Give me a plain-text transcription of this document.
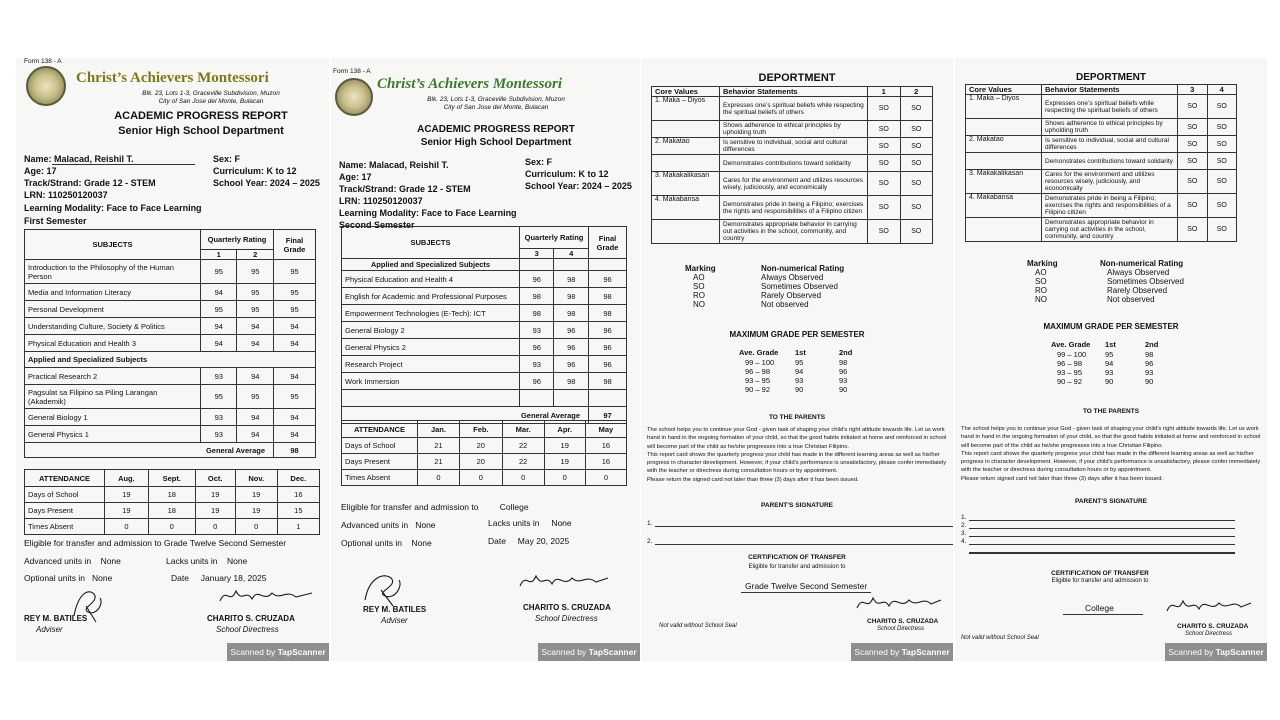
Form 138 - A
Christ’s Achievers Montessori
Blk. 23, Lots 1-3, Graceville Subdivision, Muzon
City of San Jose del Monte, Bulacan
ACADEMIC PROGRESS REPORT
Senior High School Department
Name: Malacad, Reishil T.
Age: 17
Track/Strand: Grade 12 - STEM
LRN: 110250120037
Learning Modality: Face to Face Learning
First Semester
Sex: F
Curriculum: K to 12
School Year: 2024 – 2025
SUBJECTS	Quarterly Rating		Final Grade
	1	2	
Introduction to the Philosophy of the Human Person	95	95	95
Media and Information Literacy	94	95	95
Personal Development	95	95	95
Understanding Culture, Society & Politics	94	94	94
Physical Education and Health 3	94	94	94
Applied and Specialized Subjects			
Practical Research 2	93	94	94
Pagsulat sa Filipino sa Piling Larangan (Akademik)	95	95	95
General Biology 1	93	94	94
General Physics 1	93	94	94
General Average			98
ATTENDANCE	Aug.	Sept.	Oct.	Nov.	Dec.
Days of School	19	18	19	19	16
Days Present	19	18	19	19	15
Times Absent	0	0	0	0	1
Eligible for transfer and admission to Grade Twelve Second Semester
Advanced units in None	Lacks units in None
Optional units in None	Date January 18, 2025
REY M. BATILES
Adviser
CHARITO S. CRUZADA
School Directress
Scanned by TapScanner
Form 138 - A
Christ’s Achievers Montessori
Blk. 23, Lots 1-3, Graceville Subdivision, Muzon
City of San Jose del Monte, Bulacan
ACADEMIC PROGRESS REPORT
Senior High School Department
Name: Malacad, Reishil T.
Age: 17
Track/Strand: Grade 12 - STEM
LRN: 110250120037
Learning Modality: Face to Face Learning
Second Semester
Sex: F
Curriculum: K to 12
School Year: 2024 – 2025
SUBJECTS	Quarterly Rating		Final Grade
	3	4	
Applied and Specialized Subjects			
Physical Education and Health 4	96	98	96
English for Academic and Professional Purposes	98	98	98
Empowerment Technologies (E-Tech): ICT	98	98	98
General Biology 2	93	96	96
General Physics 2	96	96	96
Research Project	93	96	96
Work Immersion	96	98	98

General Average			97
ATTENDANCE	Jan.	Feb.	Mar.	Apr.	May
Days of School	21	20	22	19	16
Days Present	21	20	22	19	16
Times Absent	0	0	0	0	0
Eligible for transfer and admission to	College
Advanced units in None	Lacks units in None
Optional units in None	Date May 20, 2025
REY M. BATILES
Adviser
CHARITO S. CRUZADA
School Directress
Scanned by TapScanner
DEPORTMENT
Core Values	Behavior Statements	1	2
1. Maka – Diyos	Expresses one’s spiritual beliefs while respecting the spiritual beliefs of others	SO	SO
	Shows adherence to ethical principles by upholding truth	SO	SO
2. Makatao	Is sensitive to individual, social and cultural differences	SO	SO
	Demonstrates contributions toward solidarity	SO	SO
3. Makakalikasan	Cares for the environment and utilizes resources wisely, judiciously, and economically	SO	SO
4. Makabansa	Demonstrates pride in being a Filipino; exercises the rights and responsibilities of a Filipino citizen	SO	SO
	Demonstrates appropriate behavior in carrying out activities in the school, community, and country	SO	SO
Marking	Non-numerical Rating
MAXIMUM GRADE PER SEMESTER
TO THE PARENTS
The school helps you to continue your God - given task of shaping your child’s right attitude towards life. Let us work hand in hand in the ongoing formation of your child, so that the good habits initiated at home and reinforced in school will become part of the child as he/she progresses into a true Christian Filipino.
This report card shows the quarterly progress your child has made in the different learning areas as well as his/her progress in character development. However, if your child’s performance is unsatisfactory, please confer immediately with the teacher or directress during consultation hours or by appointment.
Please return the signed card not later than three (3) days after it has been issued.
PARENT’S SIGNATURE
1.
2.
CERTIFICATION OF TRANSFER
Eligible for transfer and admission to
Grade Twelve Second Semester
Not valid without School Seal
CHARITO S. CRUZADA
School Directress
Scanned by TapScanner
AO	Always Observed
SO	Sometimes Observed
RO	Rarely Observed
NO	Not observed
Ave. Grade 1st	2nd
99 – 100	95	98
96 – 98	94	96
93 – 95	93	93
90 – 92	90	90
DEPORTMENT
Core Values	Behavior Statements	3	4
1. Maka – Diyos	Expresses one’s spiritual beliefs while respecting the spiritual beliefs of others	SO	SO
	Shows adherence to ethical principles by upholding truth	SO	SO
2. Makatao	Is sensitive to individual, social and cultural differences	SO	SO
	Demonstrates contributions toward solidarity	SO	SO
3. Makakalikasan	Cares for the environment and utilizes resources wisely, judiciously, and economically	SO	SO
4. Makabansa	Demonstrates pride in being a Filipino; exercises the rights and responsibilities of a Filipino citizen	SO	SO
	Demonstrates appropriate behavior in carrying out activities in the school, community, and country	SO	SO
Marking	Non-numerical Rating
MAXIMUM GRADE PER SEMESTER
TO THE PARENTS
The school helps you to continue your God - given task of shaping your child’s right attitude towards life. Let us work hand in hand in the ongoing formation of your child, so that the good habits initiated at home and reinforced in school will become part of the child as he/she progresses into a true Christian Filipino.
This report card shows the quarterly progress your child has made in the different learning areas as well as his/her progress in character development. However, if your child’s performance is unsatisfactory, please confer immediately with the teacher or directress during consultation hours or by appointment.
Please return signed card not later than three (3) days after it has been issued.
PARENT’S SIGNATURE
1.
2.
3.
4.
CERTIFICATION OF TRANSFER
Eligible for transfer and admission to
College
Not valid without School Seal
CHARITO S. CRUZADA
School Directress
Scanned by TapScanner
AO	Always Observed
SO	Sometimes Observed
RO	Rarely Observed
NO	Not observed
Ave. Grade 1st	2nd
99 – 100	95	98
96 – 98	94	96
93 – 95	93	93
90 – 92	90	90
